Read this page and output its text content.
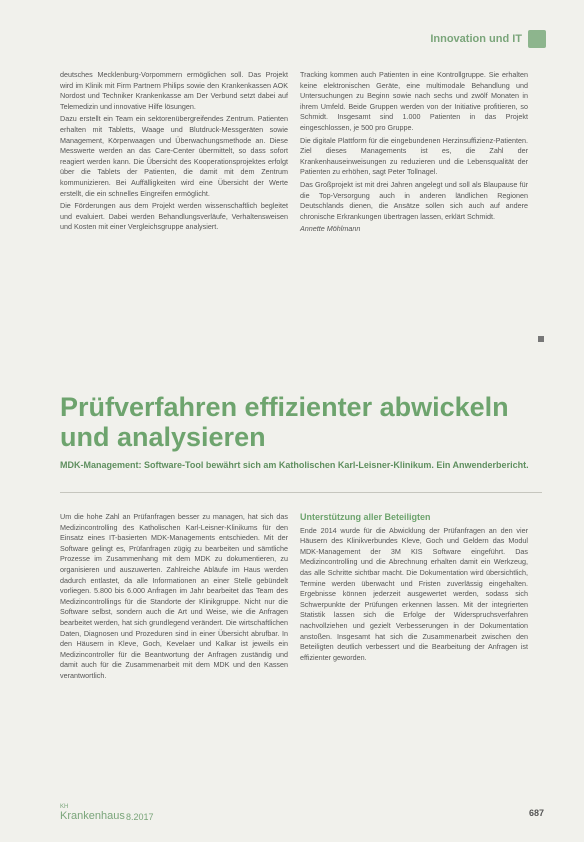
Innovation und IT

deutsches Mecklenburg-Vorpommern ermöglichen soll. Das Projekt wird im Klinik mit Firm Partnern Philips sowie den Krankenkassen AOK Nordost und Techniker Krankenkasse am Der Verbund setzt dabei auf Telemedizin und innovative Hilfe lösungen.

Dazu erstellt ein Team ein sektorenübergreifendes Zentrum. Patienten erhalten mit Tabletts, Waage und Blutdruck-Messgeräten sowie Management, Körperwaagen und Überwachungsmethode an. Diese Messwerte werden an das Care-Center übermittelt, so dass sofort reagiert werden kann. Die Übersicht des Kooperationsprojektes erfolgt über die Tablets der Patienten, die damit mit dem Zentrum kommunizieren. Bei Auffälligkeiten wird eine Übersicht der Werte erstellt, die ein schnelles Eingreifen ermöglicht.

Die Förderungen aus dem Projekt werden wissenschaftlich begleitet und evaluiert. Dabei werden Behandlungsverläufe, Verhaltensweisen und Kosten mit einer Vergleichsgruppe analysiert.

Tracking kommen auch Patienten in eine Kontrollgruppe. Sie erhalten keine elektronischen Geräte, eine multimodale Behandlung und Untersuchungen zu Beginn sowie nach sechs und zwölf Monaten in ihrem Umfeld. Beide Gruppen werden von der Initiative profitieren, so Schmidt. Insgesamt sind 1.000 Patienten in das Projekt eingeschlossen, je 500 pro Gruppe.

Die digitale Plattform für die eingebundenen Herzinsuffizienz-Patienten. Ziel dieses Managements ist es, die Zahl der Krankenhauseinweisungen zu reduzieren und die Lebensqualität der Patienten zu erhöhen, sagt Peter Tollnagel.

Das Großprojekt ist mit drei Jahren angelegt und soll als Blaupause für die Top-Versorgung auch in anderen ländlichen Regionen Deutschlands dienen, die Ansätze sollen sich auch auf andere chronische Erkrankungen übertragen lassen, erklärt Schmidt.

Annette Möhlmann

Prüfverfahren effizienter abwickeln und analysieren
MDK-Management: Software-Tool bewährt sich am Katholischen Karl-Leisner-Klinikum. Ein Anwenderbericht.

Um die hohe Zahl an Prüfanfragen besser zu managen, hat sich das Medizincontrolling des Katholischen Karl-Leisner-Klinikums für den Einsatz eines IT-basierten MDK-Managements entschieden. Mit der Software gelingt es, Prüfanfragen zügig zu bearbeiten und sämtliche Prozesse im Zusammenhang mit dem MDK zu dokumentieren, zu organisieren und auszuwerten. Zahlreiche Abläufe im Haus werden dadurch entlastet, da alle Informationen an einer Stelle gebündelt vorliegen. 5.800 bis 6.000 Anfragen im Jahr bearbeitet das Team des Medizincontrollings für die Standorte der Klinikgruppe. Nicht nur die Software selbst, sondern auch die Art und Weise, wie die Anfragen bearbeitet werden, hat sich grundlegend verändert. Die wirtschaftlichen Daten, Diagnosen und Prozeduren sind in einer Übersicht abrufbar. In den Häusern in Kleve, Goch, Kevelaer und Kalkar ist jeweils ein Medizincontroller für die Beantwortung der Anfragen zuständig und damit auch für die Zusammenarbeit mit dem MDK und den Kassen verantwortlich.

Unterstützung aller Beteiligten

Ende 2014 wurde für die Abwicklung der Prüfanfragen an den vier Häusern des Klinikverbundes Kleve, Goch und Geldern das Modul MDK-Management der 3M KIS Software eingeführt. Das Medizincontrolling und die Abrechnung erhalten damit ein Werkzeug, das alle Schritte sichtbar macht. Die Dokumentation wird übersichtlich, Termine werden überwacht und Fristen zuverlässig eingehalten. Ergebnisse können jederzeit ausgewertet werden, sodass sich Schwerpunkte der Prüfungen erkennen lassen. Mit der integrierten Statistik lassen sich die Erfolge der Widerspruchsverfahren nachvollziehen und gezielt Verbesserungen in der Dokumentation anstoßen. Insgesamt hat sich die Zusammenarbeit zwischen den Beteiligten deutlich verbessert und die Bearbeitung der Anfragen ist effizienter geworden.

KH
Krankenhaus 8.2017	687
